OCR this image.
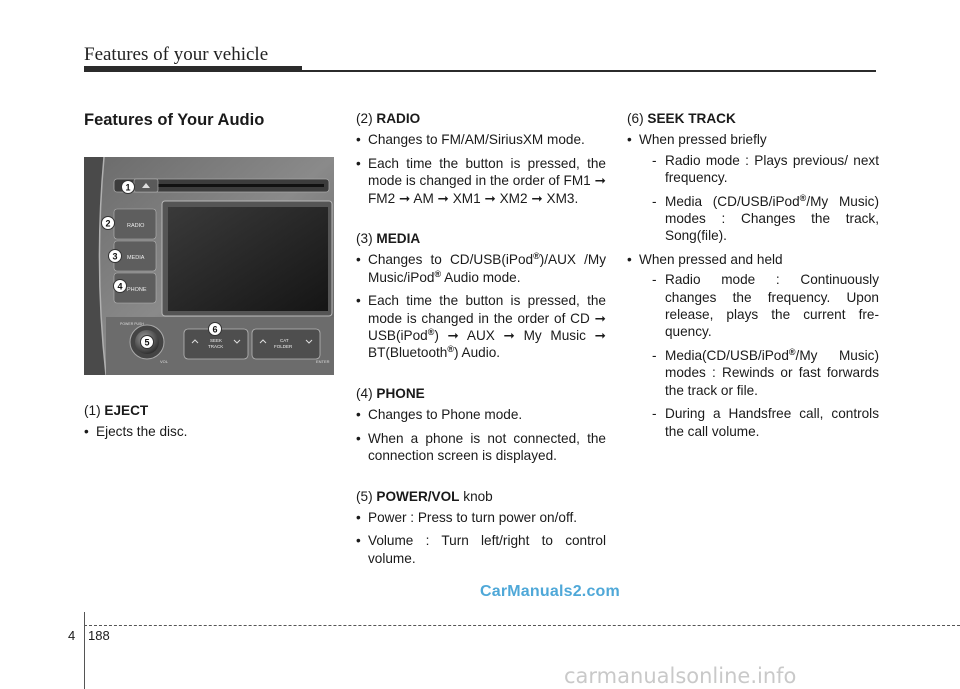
Features of your vehicle
Features of Your Audio
RADIO
MEDIA
PHONE
POWER PUSH
VOL
SEEK
TRACK
CAT
FOLDER
ENTER
1
2
3
4
5
6

(1) EJECT

• Ejects the disc.

(2) RADIO

• Changes to FM/AM/SiriusXM mode.
• Each time the button is pressed, the mode is changed in the order of FM1 ➞ FM2 ➞ AM ➞ XM1 ➞ XM2 ➞ XM3.

(3) MEDIA

• Changes to CD/USB(iPod®)/AUX /My Music/iPod® Audio mode.
• Each time the button is pressed, the mode is changed in the order of CD ➞ USB(iPod®) ➞ AUX ➞ My Music ➞ BT(Bluetooth®) Audio.

(4) PHONE

• Changes to Phone mode.
• When a phone is not connected, the connection screen is displayed.

(5) POWER/VOL knob

• Power : Press to turn power on/off.
• Volume : Turn left/right to control volume.

(6) SEEK TRACK

• When pressed briefly
- Radio mode : Plays previous/ next frequency.
- Media (CD/USB/iPod®/My Music) modes : Changes the track, Song(file).
• When pressed and held
- Radio mode : Continuously changes the frequency. Upon release, plays the current fre- quency.
- Media(CD/USB/iPod®/My Music) modes : Rewinds or fast forwards the track or file.
- During a Handsfree call, controls the call volume.
CarManuals2.com
4 188
carmanualsonline.info
